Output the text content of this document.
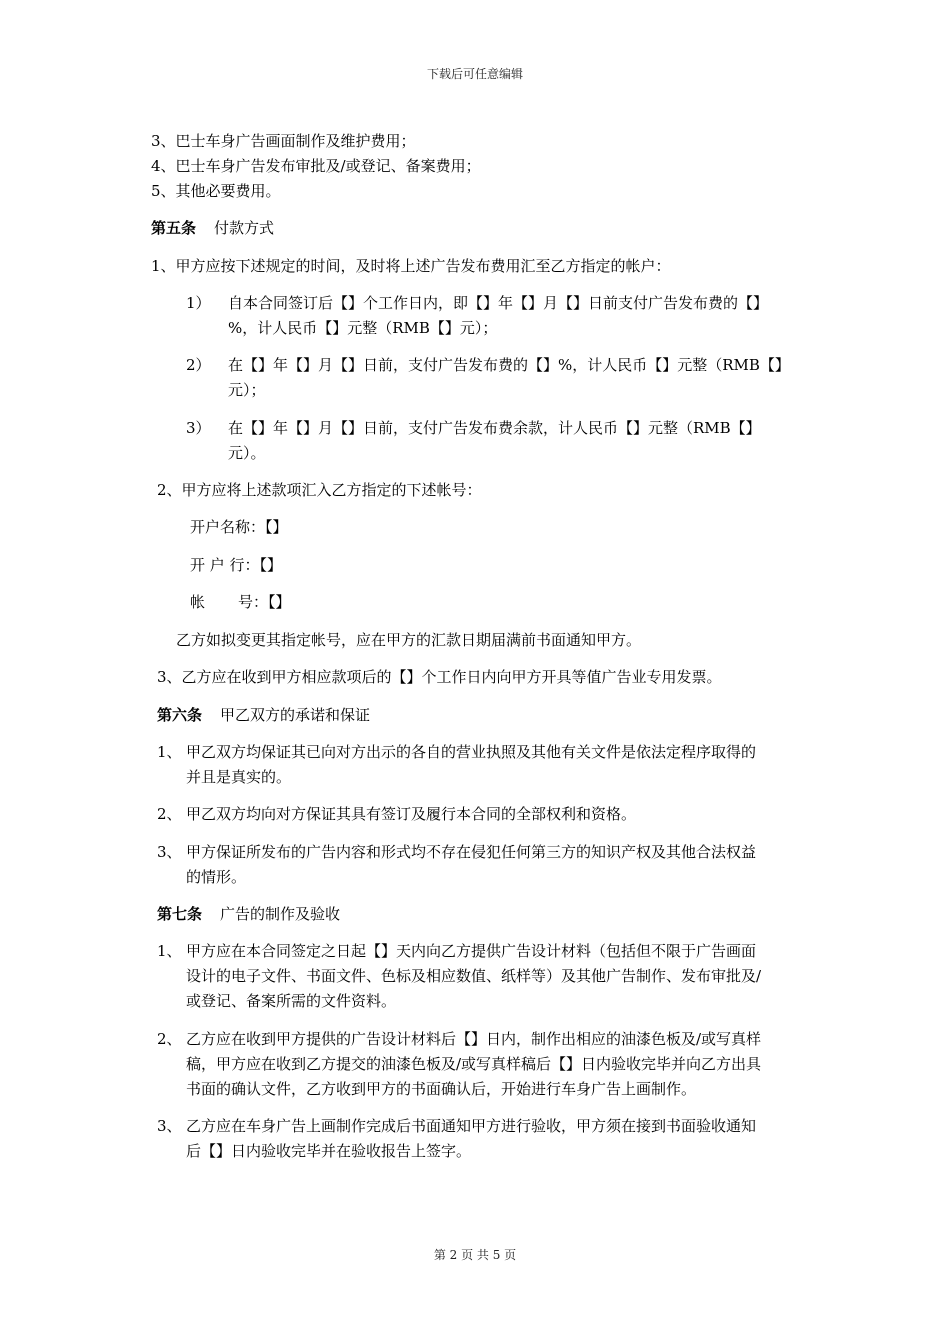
下载后可任意编辑
3、巴士车身广告画面制作及维护费用；
4、巴士车身广告发布审批及/或登记、备案费用；
5、其他必要费用。
第五条 付款方式
1、甲方应按下述规定的时间，及时将上述广告发布费用汇至乙方指定的帐户：
1） 自本合同签订后【】个工作日内，即【】年【】月【】日前支付广告发布费的【】
%，计人民币【】元整（RMB【】元）；
2） 在【】年【】月【】日前，支付广告发布费的【】%，计人民币【】元整（RMB【】
元）；
3） 在【】年【】月【】日前，支付广告发布费余款，计人民币【】元整（RMB【】
元）。
2、甲方应将上述款项汇入乙方指定的下述帐号：
开户名称：【】
开 户 行：【】
帐 号：【】
乙方如拟变更其指定帐号，应在甲方的汇款日期届满前书面通知甲方。
3、乙方应在收到甲方相应款项后的【】个工作日内向甲方开具等值广告业专用发票。
第六条 甲乙双方的承诺和保证
1、 甲乙双方均保证其已向对方出示的各自的营业执照及其他有关文件是依法定程序取得的
并且是真实的。
2、 甲乙双方均向对方保证其具有签订及履行本合同的全部权利和资格。
3、 甲方保证所发布的广告内容和形式均不存在侵犯任何第三方的知识产权及其他合法权益
的情形。
第七条 广告的制作及验收
1、 甲方应在本合同签定之日起【】天内向乙方提供广告设计材料（包括但不限于广告画面
设计的电子文件、书面文件、色标及相应数值、纸样等）及其他广告制作、发布审批及/
或登记、备案所需的文件资料。
2、 乙方应在收到甲方提供的广告设计材料后【】日内，制作出相应的油漆色板及/或写真样
稿，甲方应在收到乙方提交的油漆色板及/或写真样稿后【】日内验收完毕并向乙方出具
书面的确认文件，乙方收到甲方的书面确认后，开始进行车身广告上画制作。
3、 乙方应在车身广告上画制作完成后书面通知甲方进行验收，甲方须在接到书面验收通知
后【】日内验收完毕并在验收报告上签字。
第 2 页 共 5 页
